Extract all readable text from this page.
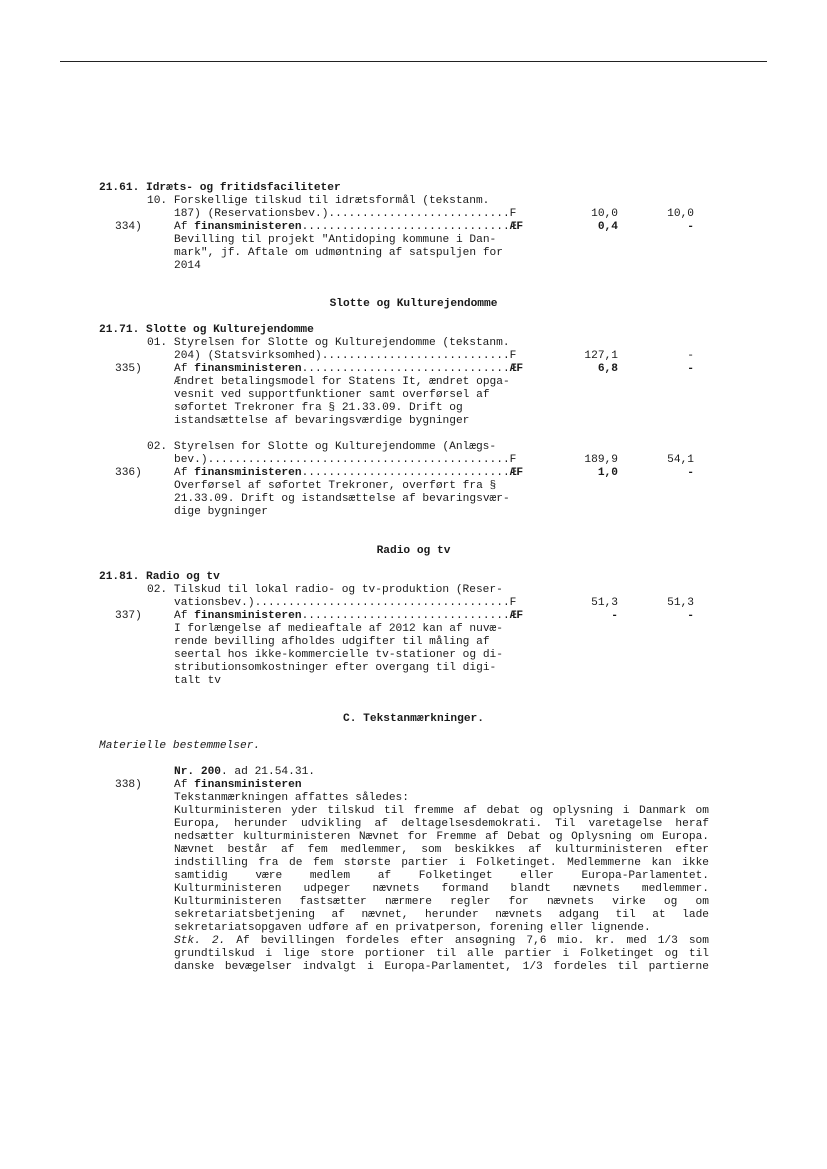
21.61. Idræts- og fritidsfaciliteter
10. Forskellige tilskud til idrætsformål (tekstanm.
187) (Reservationsbev.)...........................F	10,0	10,0
334)	Af finansministeren...............................ÆF	0,4	-
Bevilling til projekt "Antidoping kommune i Dan-
mark", jf. Aftale om udmøntning af satspuljen for
2014
Slotte og Kulturejendomme
21.71. Slotte og Kulturejendomme
01. Styrelsen for Slotte og Kulturejendomme (tekstanm.
204) (Statsvirksomhed)............................F	127,1	-
335)	Af finansministeren...............................ÆF	6,8	-
Ændret betalingsmodel for Statens It, ændret opga-
vesnit ved supportfunktioner samt overførsel af
søfortet Trekroner fra § 21.33.09. Drift og
istandsættelse af bevaringsværdige bygninger
02. Styrelsen for Slotte og Kulturejendomme (Anlægs-
bev.).............................................F	189,9	54,1
336)	Af finansministeren...............................ÆF	1,0	-
Overførsel af søfortet Trekroner, overført fra §
21.33.09. Drift og istandsættelse af bevaringsvær-
dige bygninger
Radio og tv
21.81. Radio og tv
02. Tilskud til lokal radio- og tv-produktion (Reser-
vationsbev.)......................................F	51,3	51,3
337)	Af finansministeren...............................ÆF	-	-
I forlængelse af medieaftale af 2012 kan af nuvæ-
rende bevilling afholdes udgifter til måling af
seertal hos ikke-kommercielle tv-stationer og di-
stributionsomkostninger efter overgang til digi-
talt tv
C. Tekstanmærkninger.
Materielle bestemmelser.
Nr. 200. ad 21.54.31.
338)	Af finansministeren
Tekstanmærkningen affattes således:
Kulturministeren yder tilskud til fremme af debat og oplysning i Danmark om
Europa, herunder udvikling af deltagelsesdemokrati. Til varetagelse heraf
nedsætter kulturministeren Nævnet for Fremme af Debat og Oplysning om Europa.
Nævnet består af fem medlemmer, som beskikkes af kulturministeren efter
indstilling fra de fem største partier i Folketinget. Medlemmerne kan ikke
samtidig være medlem af Folketinget eller Europa-Parlamentet.
Kulturministeren udpeger nævnets formand blandt nævnets medlemmer.
Kulturministeren fastsætter nærmere regler for nævnets virke og om
sekretariatsbetjening af nævnet, herunder nævnets adgang til at lade
sekretariatsopgaven udføre af en privatperson, forening eller lignende.
Stk. 2. Af bevillingen fordeles efter ansøgning 7,6 mio. kr. med 1/3 som
grundtilskud i lige store portioner til alle partier i Folketinget og til
danske bevægelser indvalgt i Europa-Parlamentet, 1/3 fordeles til partierne
